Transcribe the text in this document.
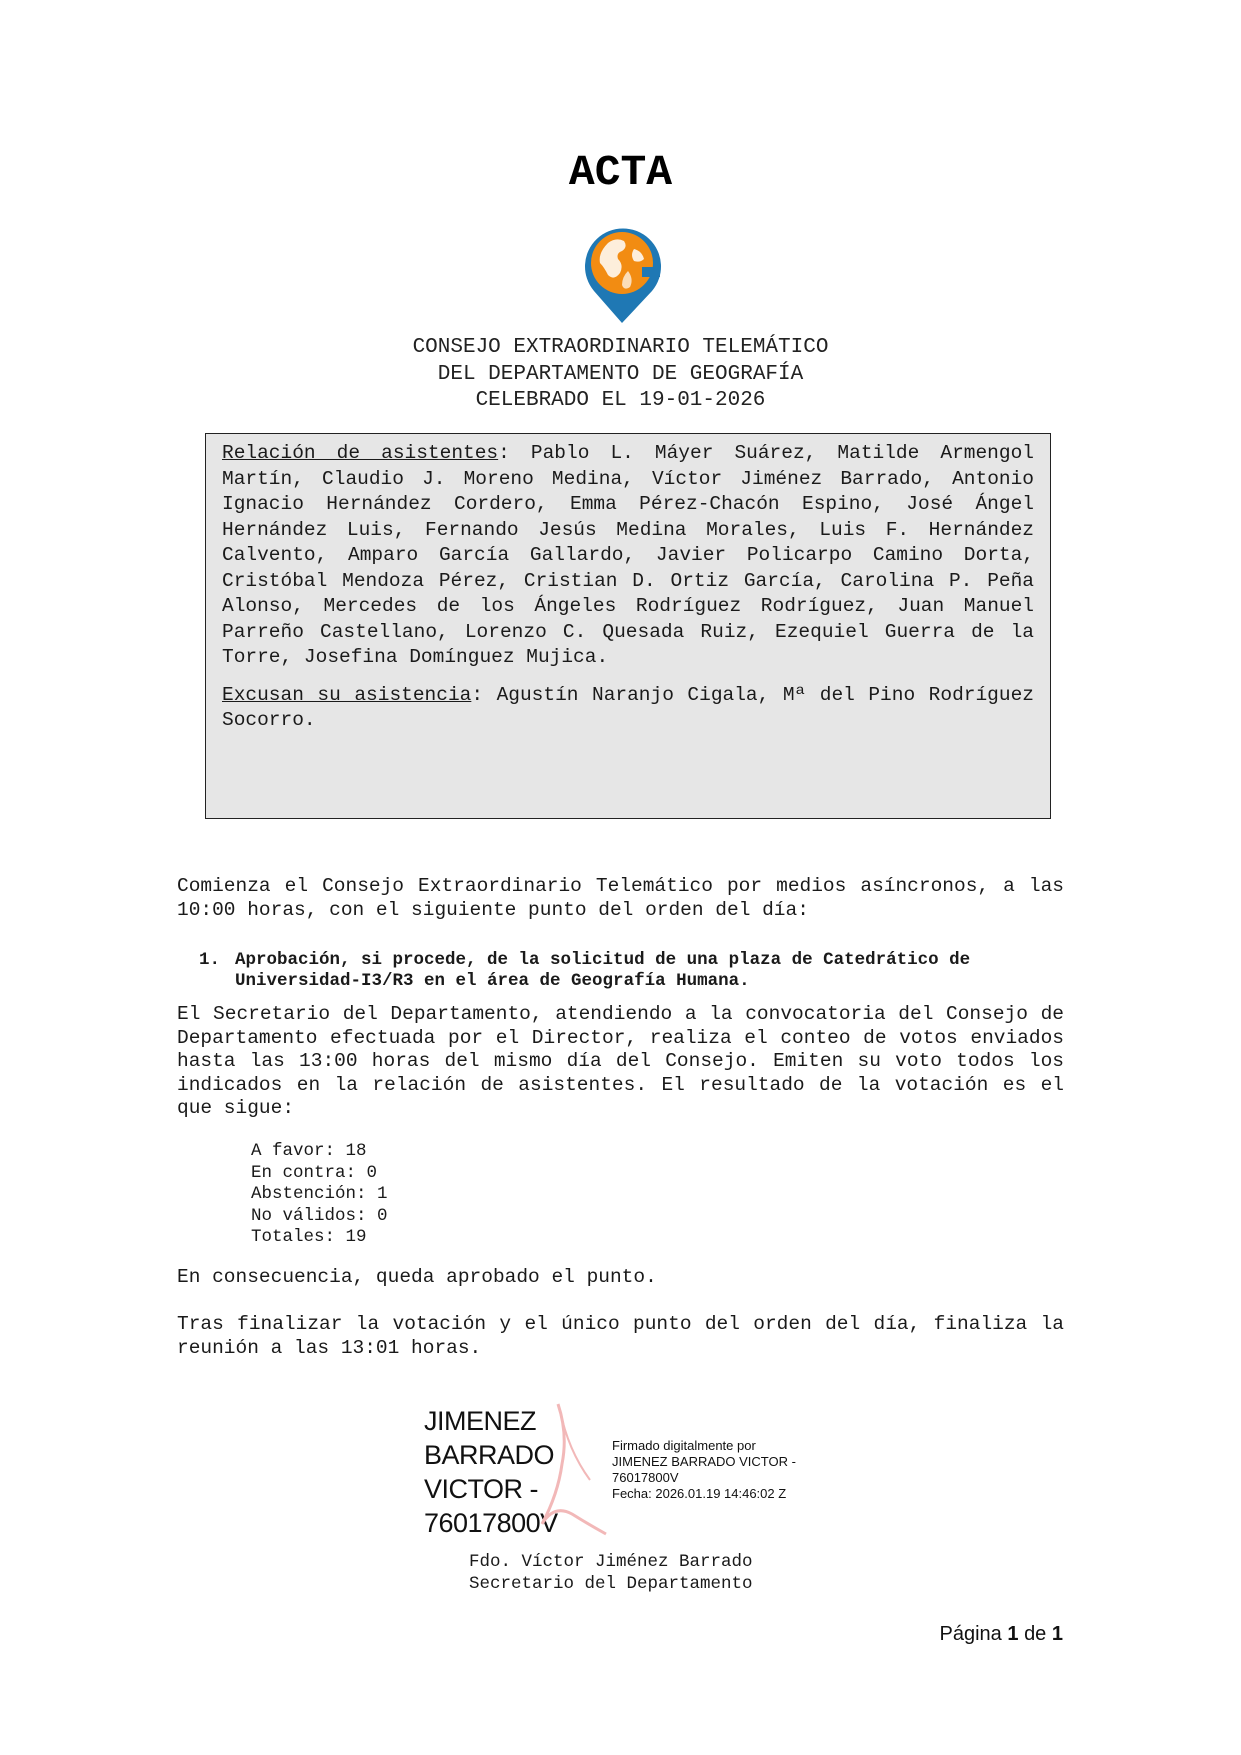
ACTA
CONSEJO EXTRAORDINARIO TELEMÁTICO
DEL DEPARTAMENTO DE GEOGRAFÍA
CELEBRADO EL 19-01-2026

Relación de asistentes: Pablo L. Máyer Suárez, Matilde Armengol Martín, Claudio J. Moreno Medina, Víctor Jiménez Barrado, Antonio Ignacio Hernández Cordero, Emma Pérez-Chacón Espino, José Ángel Hernández Luis, Fernando Jesús Medina Morales, Luis F. Hernández Calvento, Amparo García Gallardo, Javier Policarpo Camino Dorta, Cristóbal Mendoza Pérez, Cristian D. Ortiz García, Carolina P. Peña Alonso, Mercedes de los Ángeles Rodríguez Rodríguez, Juan Manuel Parreño Castellano, Lorenzo C. Quesada Ruiz, Ezequiel Guerra de la Torre, Josefina Domínguez Mujica.

Excusan su asistencia: Agustín Naranjo Cigala, Mª del Pino Rodríguez Socorro.

Comienza el Consejo Extraordinario Telemático por medios asíncronos, a las 10:00 horas, con el siguiente punto del orden del día:

1. Aprobación, si procede, de la solicitud de una plaza de Catedrático de Universidad-I3/R3 en el área de Geografía Humana.

El Secretario del Departamento, atendiendo a la convocatoria del Consejo de Departamento efectuada por el Director, realiza el conteo de votos enviados hasta las 13:00 horas del mismo día del Consejo. Emiten su voto todos los indicados en la relación de asistentes. El resultado de la votación es el que sigue:

A favor: 18
En contra: 0
Abstención: 1
No válidos: 0
Totales: 19

En consecuencia, queda aprobado el punto.

Tras finalizar la votación y el único punto del orden del día, finaliza la reunión a las 13:01 horas.

JIMENEZ
BARRADO
VICTOR -
76017800V
Firmado digitalmente por
JIMENEZ BARRADO VICTOR -
76017800V
Fecha: 2026.01.19 14:46:02 Z
Fdo. Víctor Jiménez Barrado
Secretario del Departamento
Página 1 de 1
